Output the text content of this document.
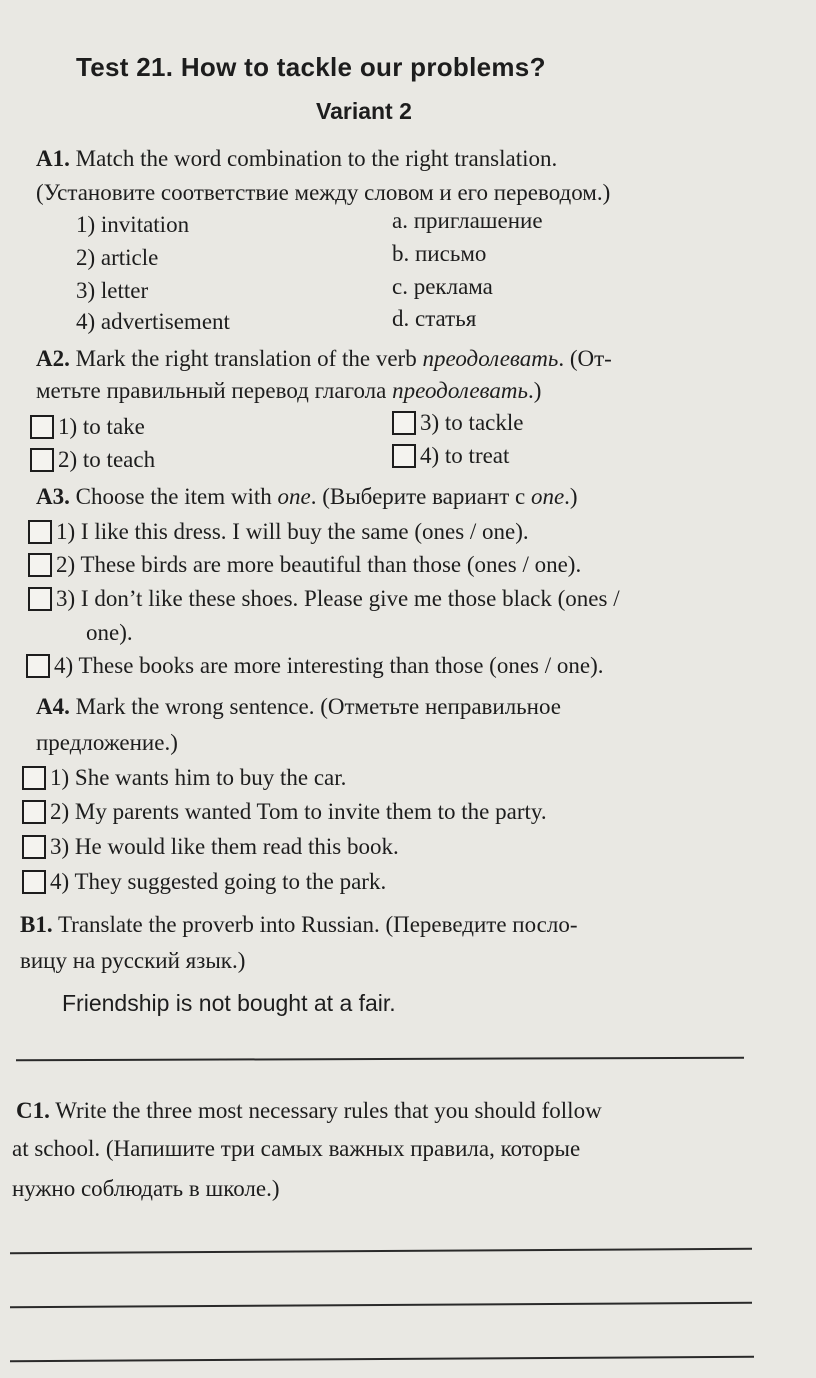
Test 21. How to tackle our problems?
Variant 2
A1. Match the word combination to the right translation.
(Установите соответствие между словом и его переводом.)
1) invitation
2) article
3) letter
4) advertisement
a. приглашение
b. письмо
c. реклама
d. статья
A2. Mark the right translation of the verb преодолевать. (От-
метьте правильный перевод глагола преодолевать.)
1) to take	3) to tackle
2) to teach	4) to treat
A3. Choose the item with one. (Выберите вариант с one.)
1) I like this dress. I will buy the same (ones / one).
2) These birds are more beautiful than those (ones / one).
3) I don’t like these shoes. Please give me those black (ones /
one).
4) These books are more interesting than those (ones / one).
A4. Mark the wrong sentence. (Отметьте неправильное
предложение.)
1) She wants him to buy the car.
2) My parents wanted Tom to invite them to the party.
3) He would like them read this book.
4) They suggested going to the park.
B1. Translate the proverb into Russian. (Переведите посло-
вицу на русский язык.)
Friendship is not bought at a fair.
C1. Write the three most necessary rules that you should follow
at school. (Напишите три самых важных правила, которые
нужно соблюдать в школе.)
